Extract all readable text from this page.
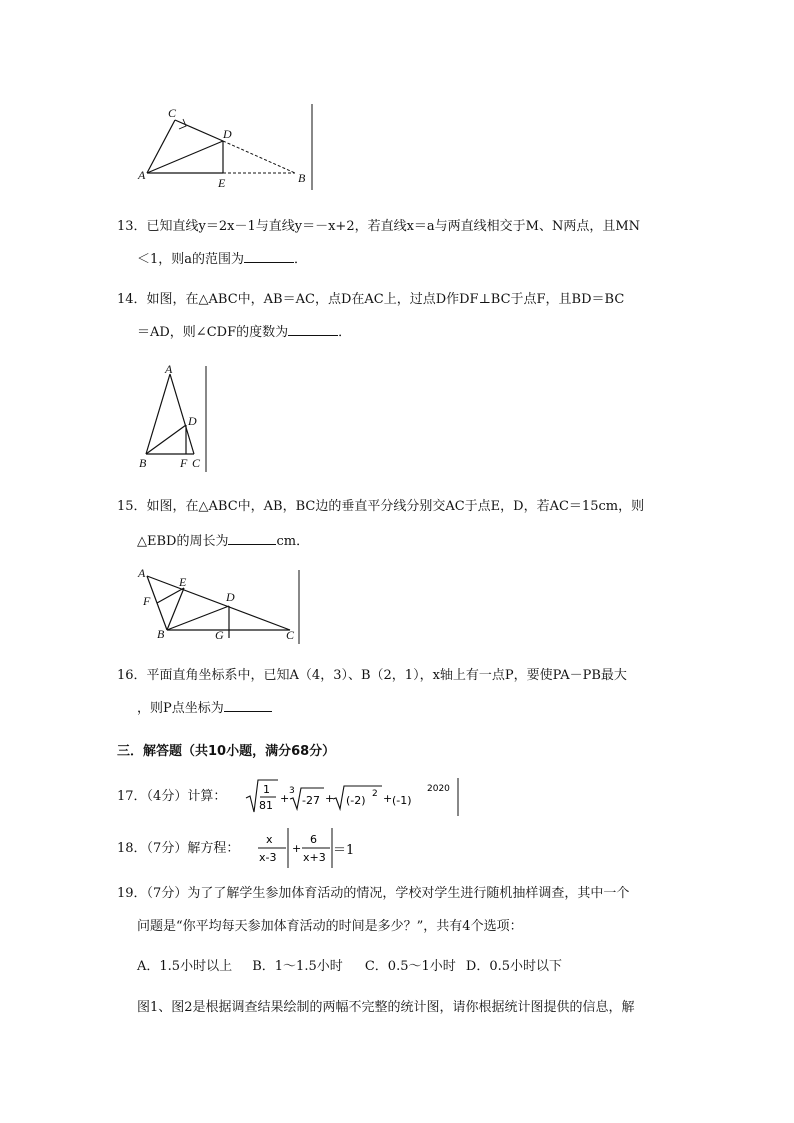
C
D
A
E	B
13．已知直线y＝2x－1与直线y＝－x+2，若直线x＝a与两直线相交于M、N两点，且MN
＜1，则a的范围为	．
14．如图，在△ABC中，AB＝AC，点D在AC上，过点D作DF⊥BC于点F，且BD＝BC
＝AD，则∠CDF的度数为	．
A
D
B	F C
15．如图，在△ABC中，AB，BC边的垂直平分线分别交AC于点E，D，若AC＝15cm，则
△EBD的周长为	cm．
A
E
F	D
B	G	C
16．平面直角坐标系中，已知A（4，3）、B（2，1），x轴上有一点P，要使PA－PB最大
，则P点坐标为
三．解答题（共10小题，满分68分）
17．（4分）计算：	1
81
+
3
-27 + (-2) 2 + (-1)
2020
18．（7分）解方程：
x
x-3
+
6
x+3 ＝1
19．（7分）为了了解学生参加体育活动的情况，学校对学生进行随机抽样调查，其中一个
问题是“你平均每天参加体育活动的时间是多少？”，共有4个选项：
A．1.5小时以上 B．1～1.5小时 C．0.5～1小时 D．0.5小时以下
图1、图2是根据调查结果绘制的两幅不完整的统计图，请你根据统计图提供的信息，解
